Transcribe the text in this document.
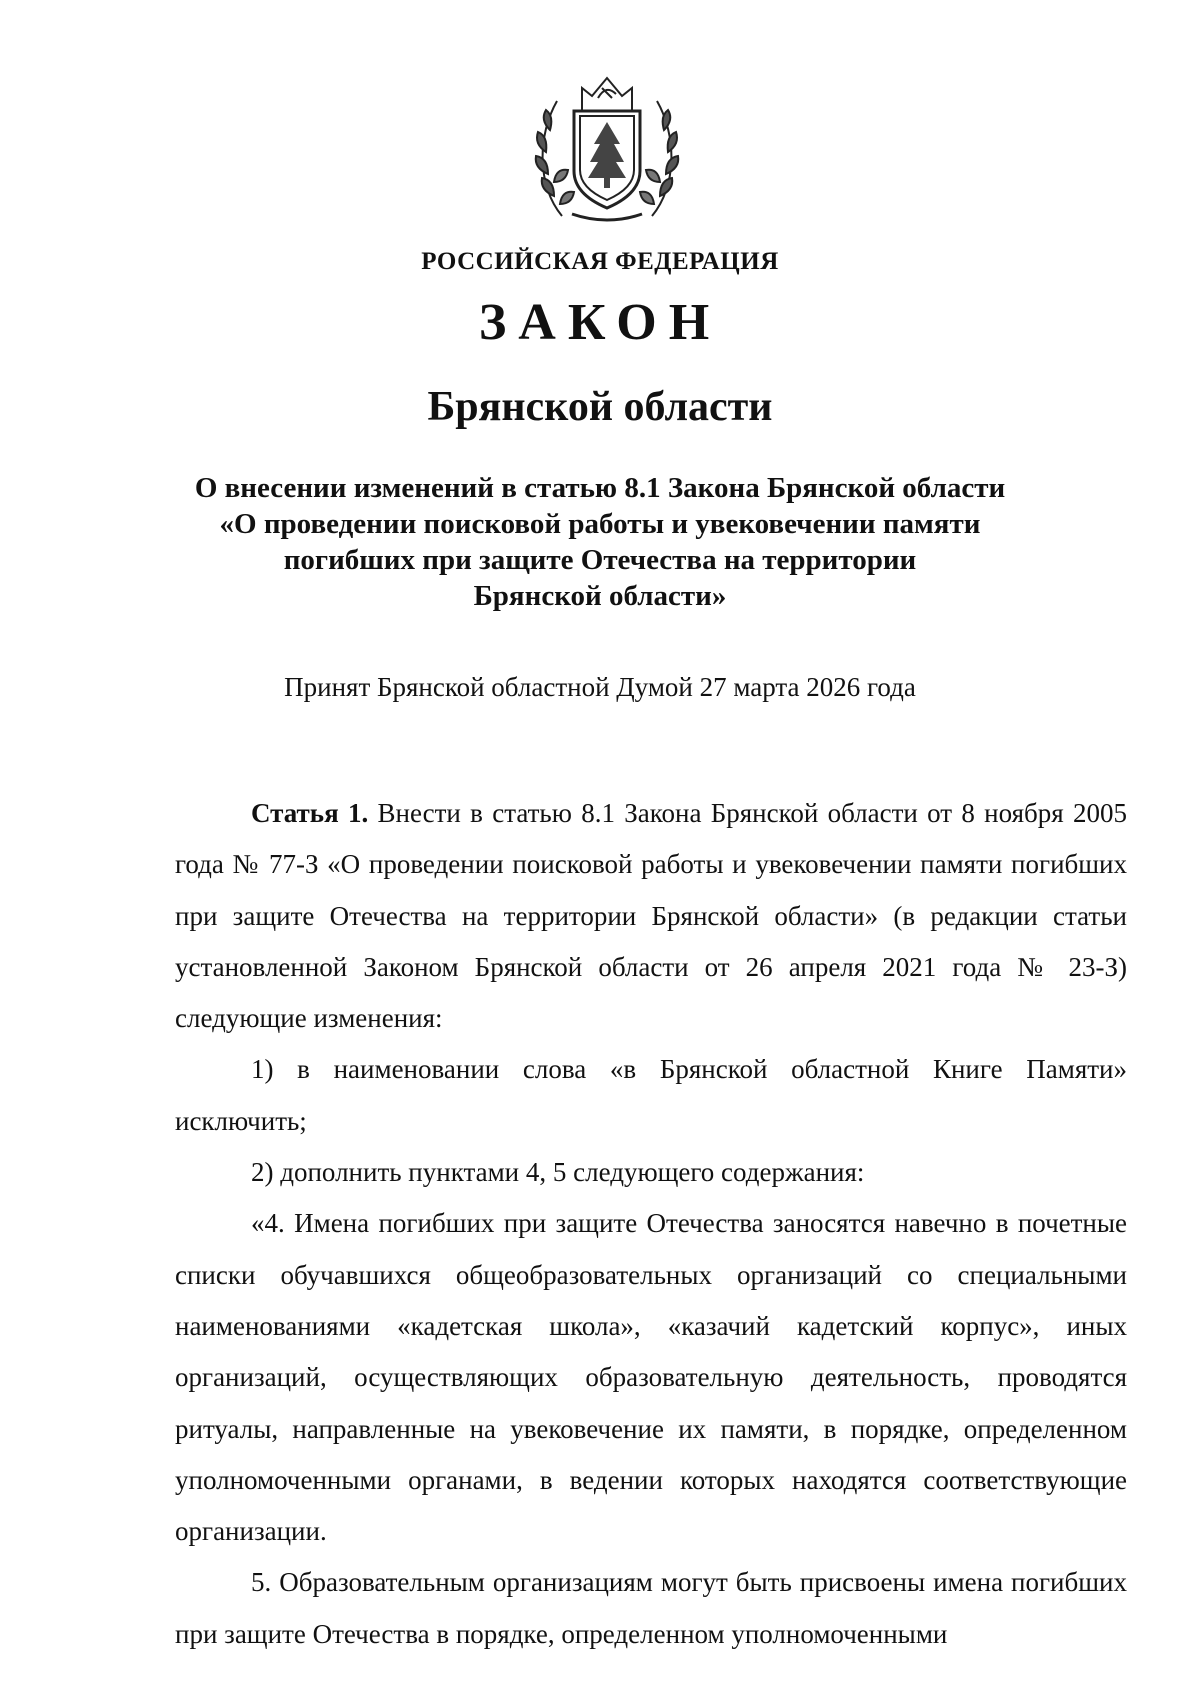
РОССИЙСКАЯ ФЕДЕРАЦИЯ
ЗАКОН
Брянской области
О внесении изменений в статью 8.1 Закона Брянской области
«О проведении поисковой работы и увековечении памяти
погибших при защите Отечества на территории
Брянской области»
Принят Брянской областной Думой 27 марта 2026 года

Статья 1. Внести в статью 8.1 Закона Брянской области от 8 ноября 2005 года № 77-З «О проведении поисковой работы и увековечении памяти погибших при защите Отечества на территории Брянской области» (в редакции статьи установленной Законом Брянской области от 26 апреля 2021 года № 23-З) следующие изменения:

1) в наименовании слова «в Брянской областной Книге Памяти» исключить;

2) дополнить пунктами 4, 5 следующего содержания:

«4. Имена погибших при защите Отечества заносятся навечно в почетные списки обучавшихся общеобразовательных организаций со специальными наименованиями «кадетская школа», «казачий кадетский корпус», иных организаций, осуществляющих образовательную деятельность, проводятся ритуалы, направленные на увековечение их памяти, в порядке, определенном уполномоченными органами, в ведении которых находятся соответствующие организации.

5. Образовательным организациям могут быть присвоены имена погибших при защите Отечества в порядке, определенном уполномоченными
